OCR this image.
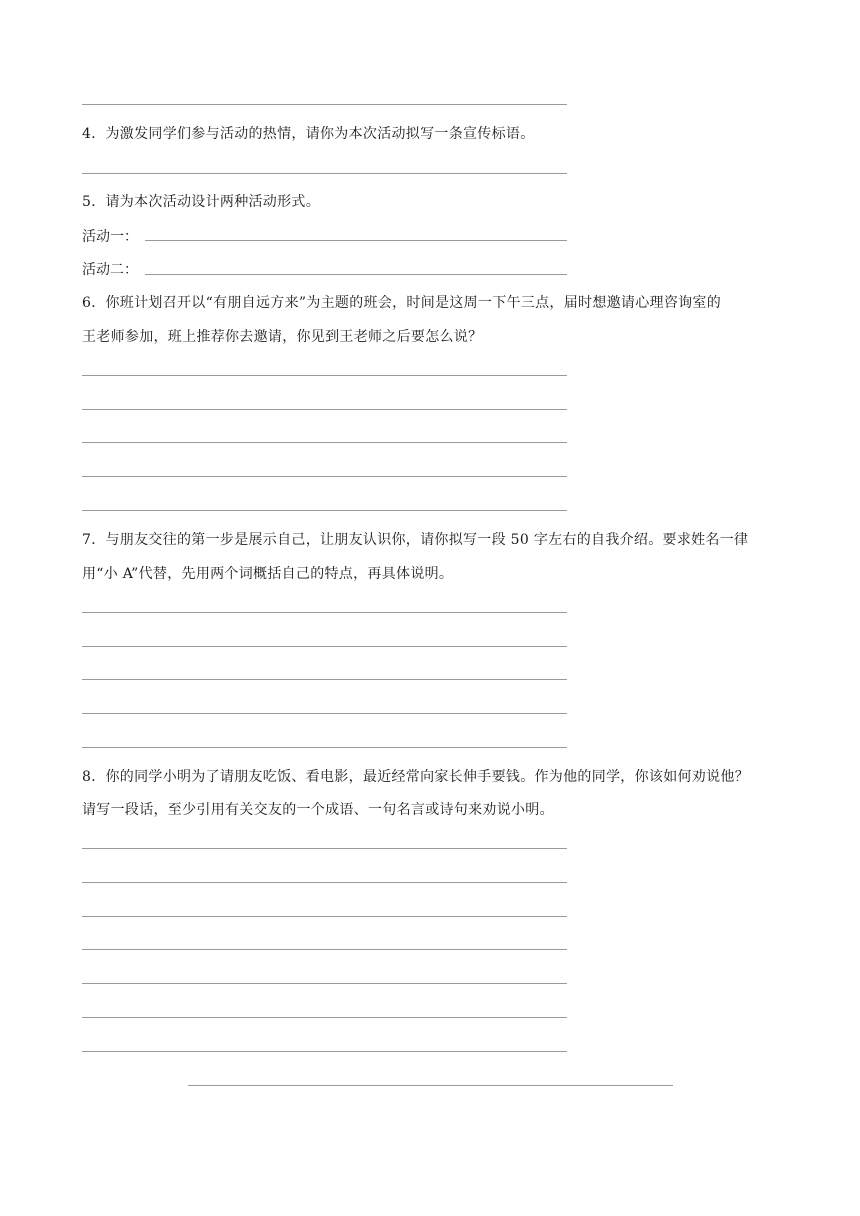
4．为激发同学们参与活动的热情，请你为本次活动拟写一条宣传标语。
5．请为本次活动设计两种活动形式。
活动一：
活动二：
6．你班计划召开以“有朋自远方来”为主题的班会，时间是这周一下午三点，届时想邀请心理咨询室的
王老师参加，班上推荐你去邀请，你见到王老师之后要怎么说？
7．与朋友交往的第一步是展示自己，让朋友认识你，请你拟写一段 50 字左右的自我介绍。要求姓名一律
用“小 A”代替，先用两个词概括自己的特点，再具体说明。
8．你的同学小明为了请朋友吃饭、看电影，最近经常向家长伸手要钱。作为他的同学，你该如何劝说他？
请写一段话，至少引用有关交友的一个成语、一句名言或诗句来劝说小明。
